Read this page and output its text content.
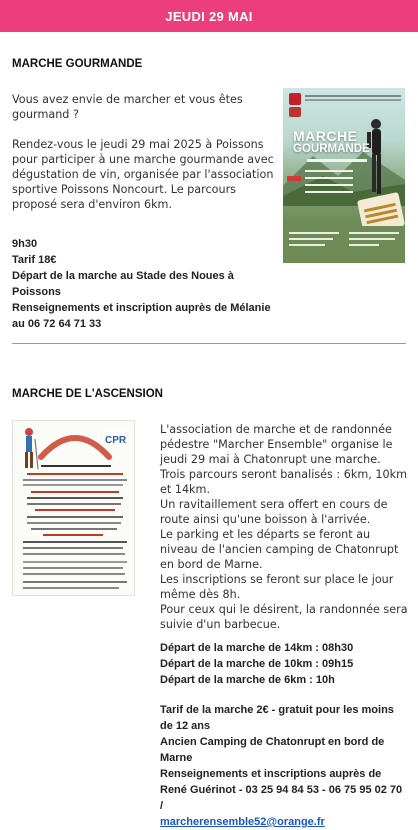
JEUDI 29 MAI
MARCHE GOURMANDE

Vous avez envie de marcher et vous êtes gourmand ?

Rendez-vous le jeudi 29 mai 2025 à Poissons pour participer à une marche gourmande avec dégustation de vin, organisée par l'association sportive Poissons Noncourt. Le parcours proposé sera d'environ 6km.

9h30

Tarif 18€

Départ de la marche au Stade des Noues à Poissons

Renseignements et inscription auprès de Mélanie au 06 72 64 71 33

MARCHE
GOURMANDE
MARCHE DE L'ASCENSION
CPR

L'association de marche et de randonnée pédestre "Marcher Ensemble" organise le jeudi 29 mai à Chatonrupt une marche.

Trois parcours seront banalisés : 6km, 10km et 14km.

Un ravitaillement sera offert en cours de route ainsi qu'une boisson à l'arrivée.

Le parking et les départs se feront au niveau de l'ancien camping de Chatonrupt en bord de Marne.

Les inscriptions se feront sur place le jour même dès 8h.

Pour ceux qui le désirent, la randonnée sera suivie d'un barbecue.

Départ de la marche de 14km : 08h30

Départ de la marche de 10km : 09h15

Départ de la marche de 6km : 10h

Tarif de la marche 2€ - gratuit pour les moins de 12 ans

Ancien Camping de Chatonrupt en bord de Marne

Renseignements et inscriptions auprès de René Guérinot - 03 25 94 84 53 - 06 75 95 02 70 /

marcherensemble52@orange.fr
